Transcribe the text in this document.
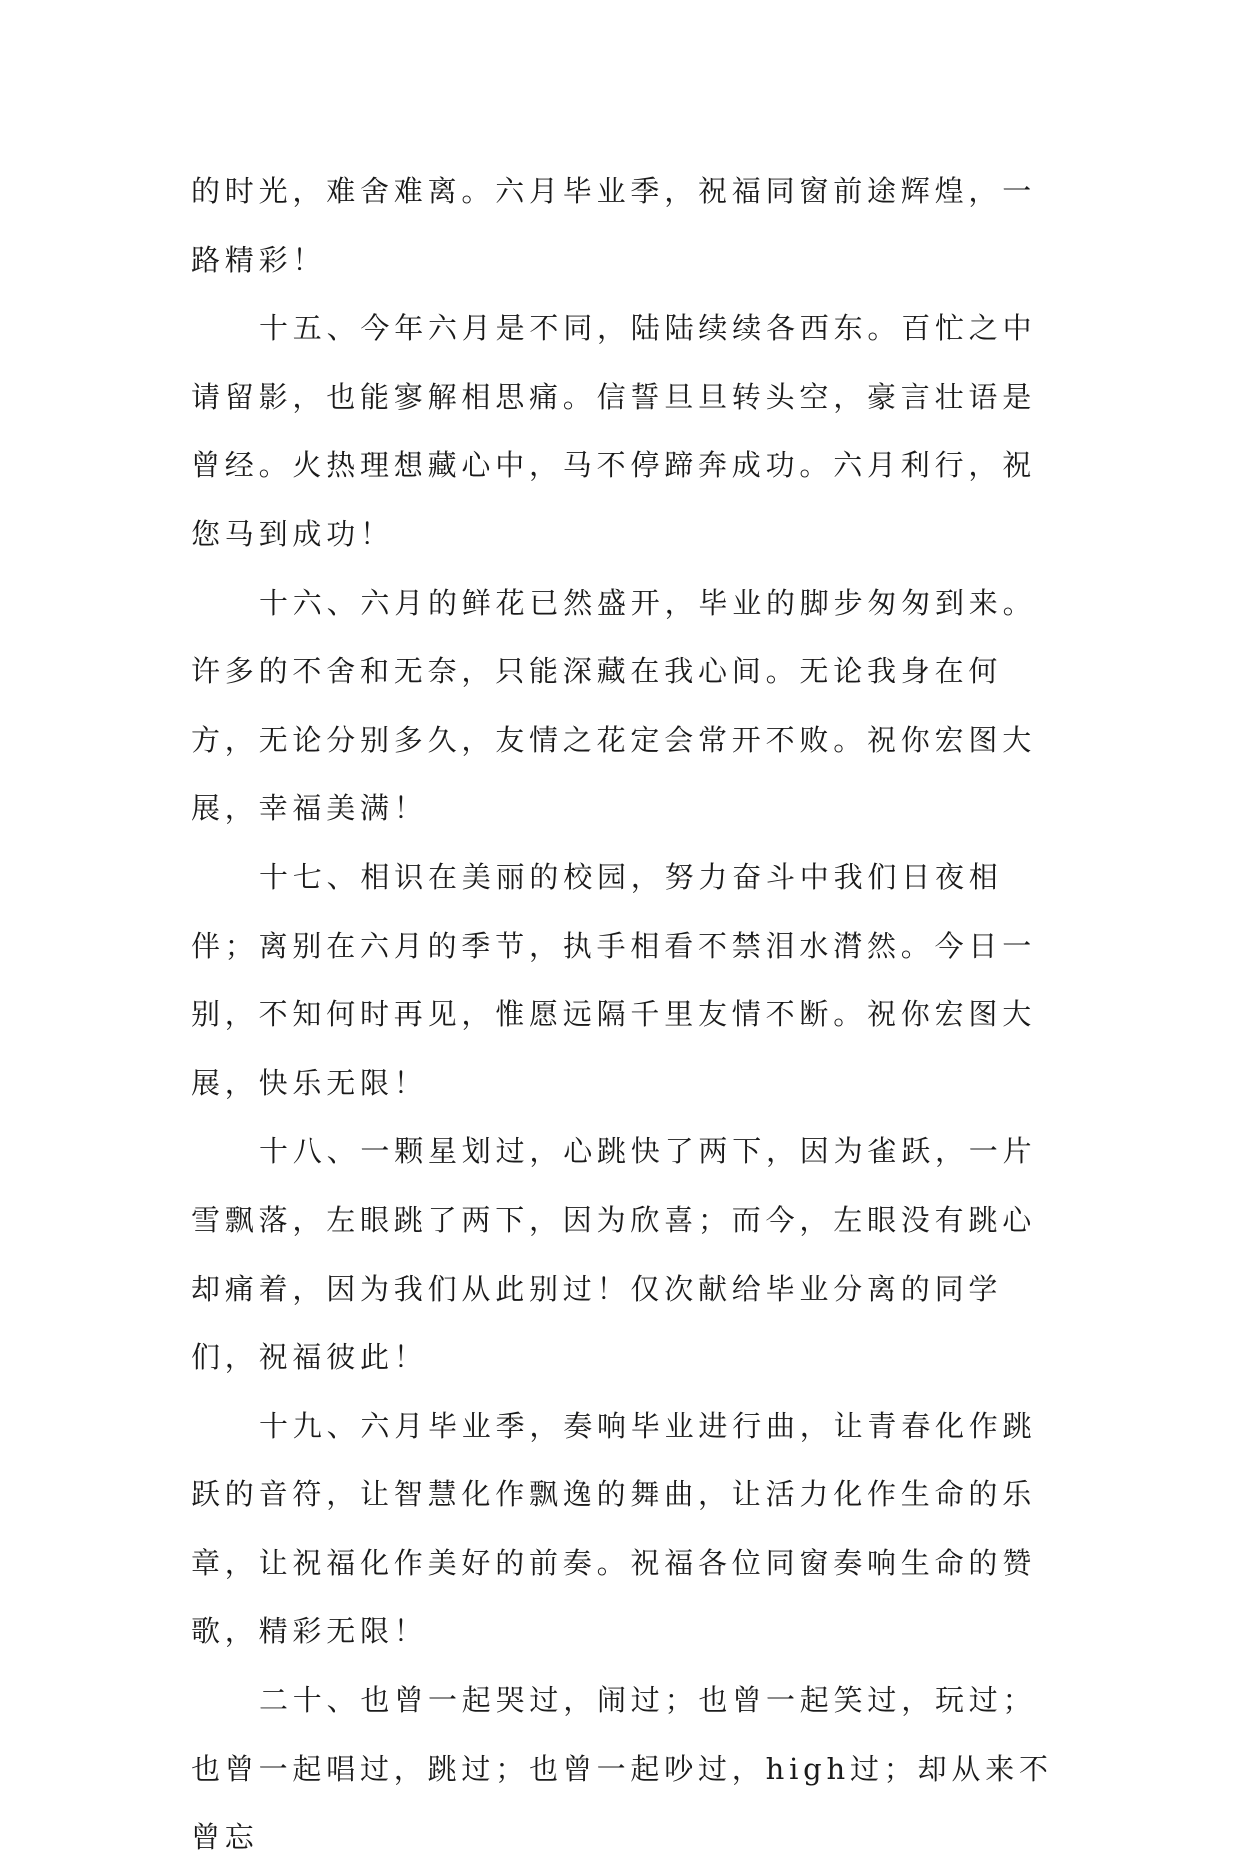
的时光，难舍难离。六月毕业季，祝福同窗前途辉煌，一路精彩！

十五、今年六月是不同，陆陆续续各西东。百忙之中请留影，也能寥解相思痛。信誓旦旦转头空，豪言壮语是曾经。火热理想藏心中，马不停蹄奔成功。六月利行，祝您马到成功！

十六、六月的鲜花已然盛开，毕业的脚步匆匆到来。许多的不舍和无奈，只能深藏在我心间。无论我身在何方，无论分别多久，友情之花定会常开不败。祝你宏图大展，幸福美满！

十七、相识在美丽的校园，努力奋斗中我们日夜相伴；离别在六月的季节，执手相看不禁泪水潸然。今日一别，不知何时再见，惟愿远隔千里友情不断。祝你宏图大展，快乐无限！

十八、一颗星划过，心跳快了两下，因为雀跃，一片雪飘落，左眼跳了两下，因为欣喜；而今，左眼没有跳心却痛着，因为我们从此别过！仅次献给毕业分离的同学们，祝福彼此！

十九、六月毕业季，奏响毕业进行曲，让青春化作跳跃的音符，让智慧化作飘逸的舞曲，让活力化作生命的乐章，让祝福化作美好的前奏。祝福各位同窗奏响生命的赞歌，精彩无限！

二十、也曾一起哭过，闹过；也曾一起笑过，玩过；也曾一起唱过，跳过；也曾一起吵过，high过；却从来不曾忘
